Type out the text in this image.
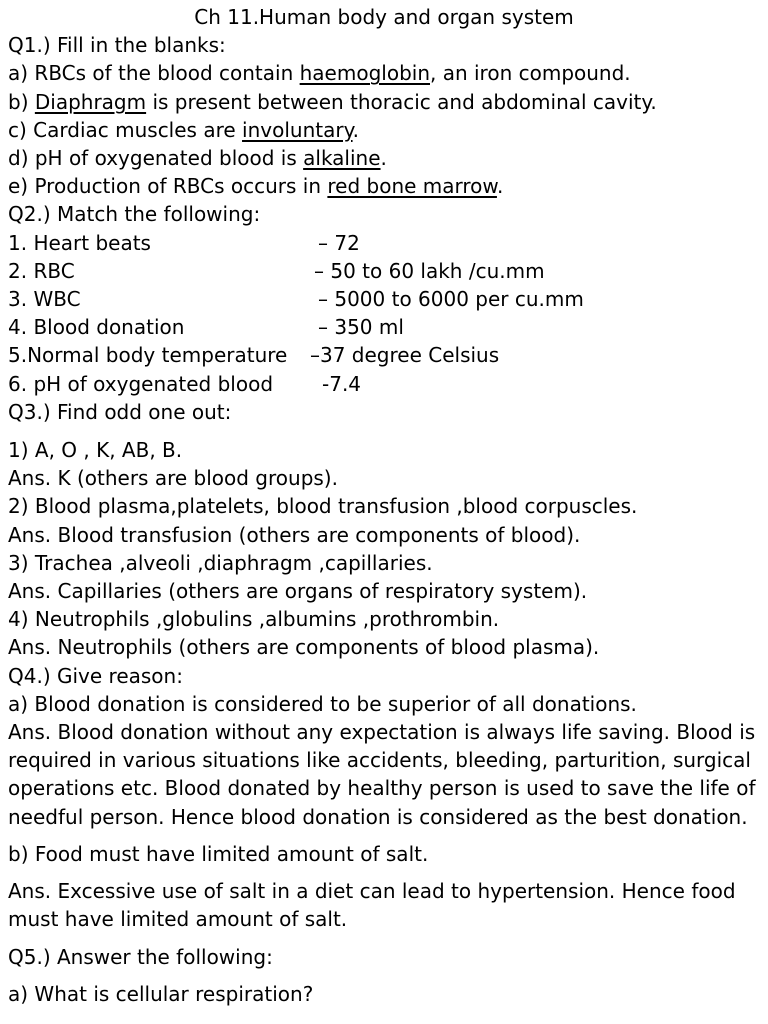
Ch 11.Human body and organ system
Q1.) Fill in the blanks:
a) RBCs of the blood contain haemoglobin, an iron compound.
b) Diaphragm is present between thoracic and abdominal cavity.
c) Cardiac muscles are involuntary.
d) pH of oxygenated blood is alkaline.
e) Production of RBCs occurs in red bone marrow.
Q2.) Match the following:
1. Heart beats	– 72
2. RBC	– 50 to 60 lakh /cu.mm
3. WBC	– 5000 to 6000 per cu.mm
4. Blood donation	– 350 ml
5.Normal body temperature	–37 degree Celsius
6. pH of oxygenated blood	-7.4
Q3.) Find odd one out:
1) A, O , K, AB, B.
Ans. K (others are blood groups).
2) Blood plasma,platelets, blood transfusion ,blood corpuscles.
Ans. Blood transfusion (others are components of blood).
3) Trachea ,alveoli ,diaphragm ,capillaries.
Ans. Capillaries (others are organs of respiratory system).
4) Neutrophils ,globulins ,albumins ,prothrombin.
Ans. Neutrophils (others are components of blood plasma).
Q4.) Give reason:
a) Blood donation is considered to be superior of all donations.
Ans. Blood donation without any expectation is always life saving. Blood is required in various situations like accidents, bleeding, parturition, surgical operations etc. Blood donated by healthy person is used to save the life of needful person. Hence blood donation is considered as the best donation.
b) Food must have limited amount of salt.
Ans. Excessive use of salt in a diet can lead to hypertension. Hence food must have limited amount of salt.
Q5.) Answer the following:
a) What is cellular respiration?
